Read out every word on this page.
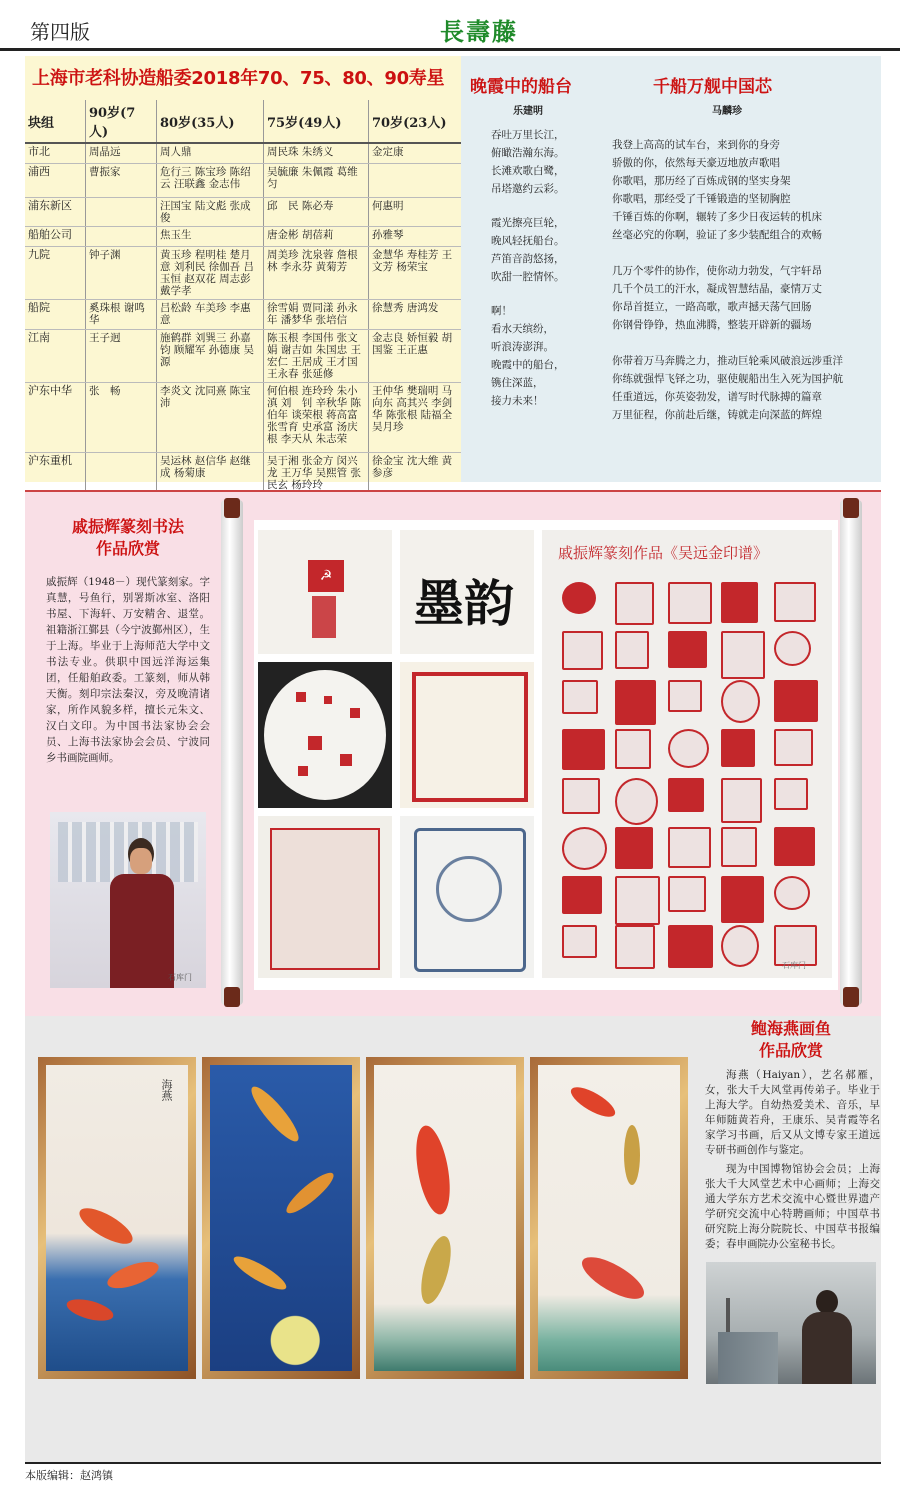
第四版	長壽藤
上海市老科协造船委2018年70、75、80、90寿星
块组	90岁(7人)	80岁(35人)	75岁(49人)	70岁(23人)
市北	周晶远	周人鼎	周民珠 朱绣义	金定康
浦西	曹振家	危行三 陈宝珍 陈绍云 汪联鑫 金志伟	吴毓廉 朱佩霞 葛维匀	
浦东新区		汪国宝 陆文彪 张成俊	邱　民 陈必寿	何惠明
船舶公司		焦玉生	唐金彬 胡蓓莉	孙雅琴
九院	钟子渊	黄玉珍 程明桂 楚月意 刘利民 徐伽吾 吕玉恒 赵双花 周志彭 戴学孝	周美珍 沈泉蓉 詹根林 李永芬 黄菊芳	金慧华 寿桂芳 王文芳 杨荣宝
船院	奚珠根 谢鸣华	吕松龄 车美珍 李惠意	徐雪娟 贾同漾 孙永年 潘梦华 张培信	徐慧秀 唐鸿发
江南	王子迥	施鹤群 刘巽三 孙嘉钧 顾耀军 孙德康 吴　源	陈玉根 李国伟 张文娟 谢吉如 朱国忠 王宏仁 王居成 王才国 王永春 张延修	金志良 娇恒毅 胡国鉴 王正惠
沪东中华	张　畅	李炎文 沈同熹 陈宝沛	何伯根 连玲玲 朱小滇 刘　钊 辛秋华 陈伯年 谈荣根 蒋高富 张雪育 史承富 汤庆根 李天从 朱志荣	王仲华 樊瑞明 马向东 高其兴 李剑华 陈张根 陆福全 吴月珍
沪东重机		吴运林 赵信华 赵继成 杨菊康	吴于湘 张金方 闵兴龙 王万华 吴熙管 张民玄 杨玲玲	徐金宝 沈大维 黄参彦
晚霞中的船台
乐建明
吞吐万里长江，
俯瞰浩瀚东海。
长滩欢歌白鹭，
吊塔邀约云彩。
霞光擦亮巨轮，
晚风轻抚船台。
芦笛音韵悠扬，
吹甜一腔情怀。
啊！
看水天缤纷，
听浪涛澎湃。
晚霞中的船台，
镌住深蓝，
接力未来！
千船万舰中国芯
马麟珍
我登上高高的试车台，来到你的身旁
骄傲的你，依然每天豪迈地放声歌唱
你歌唱，那历经了百炼成钢的坚实身架
你歌唱，那经受了千锤锻造的坚韧胸腔
千锤百炼的你啊，辗转了多少日夜运转的机床
丝毫必究的你啊，验证了多少装配组合的欢畅
几万个零件的协作，使你动力勃发，气宇轩昂
几千个员工的汗水，凝成智慧结晶，豪情万丈
你昂首挺立，一路高歌，歌声撼天荡气回肠
你钢骨铮铮，热血沸腾，整装开辟新的疆场
你带着万马奔腾之力，推动巨轮乘风破浪远涉重洋
你练就强悍飞铎之功，驱使舰船出生入死为国护航
任重道远，你英姿勃发，谱写时代脉搏的篇章
万里征程，你前赴后继，铸就走向深蓝的辉煌
戚振辉篆刻书法
作品欣赏
戚振辉（1948－）现代篆刻家。字真慧，号鱼行，别署斯冰室、洛阳书屋、下海轩、万安精舍、退堂。祖籍浙江鄞县（今宁波鄞州区），生于上海。毕业于上海师范大学中文书法专业。供职中国远洋海运集团，任船舶政委。工篆刻，师从韩天衡。刻印宗法秦汉，旁及晚清诸家，所作风貌多样，擅长元朱文、汉白文印。为中国书法家协会会员、上海书法家协会会员、宁波同乡书画院画师。
石库门
☭ 墨韵
戚振辉篆刻作品《吴远金印谱》
石库门
鲍海燕画鱼
作品欣赏
海燕（Haiyan），艺名郝雁，女，张大千大风堂再传弟子。毕业于上海大学。自幼热爱美术、音乐，早年师随黄若舟，王康乐、吴青霞等名家学习书画，后又从文博专家王道远专研书画创作与鉴定。
现为中国博物馆协会会员；上海张大千大风堂艺术中心画师；上海交通大学东方艺术交流中心暨世界遗产学研究交流中心特聘画师；中国草书研究院上海分院院长、中国草书报编委；春申画院办公室秘书长。
海燕
本版编辑：赵鸿镇
